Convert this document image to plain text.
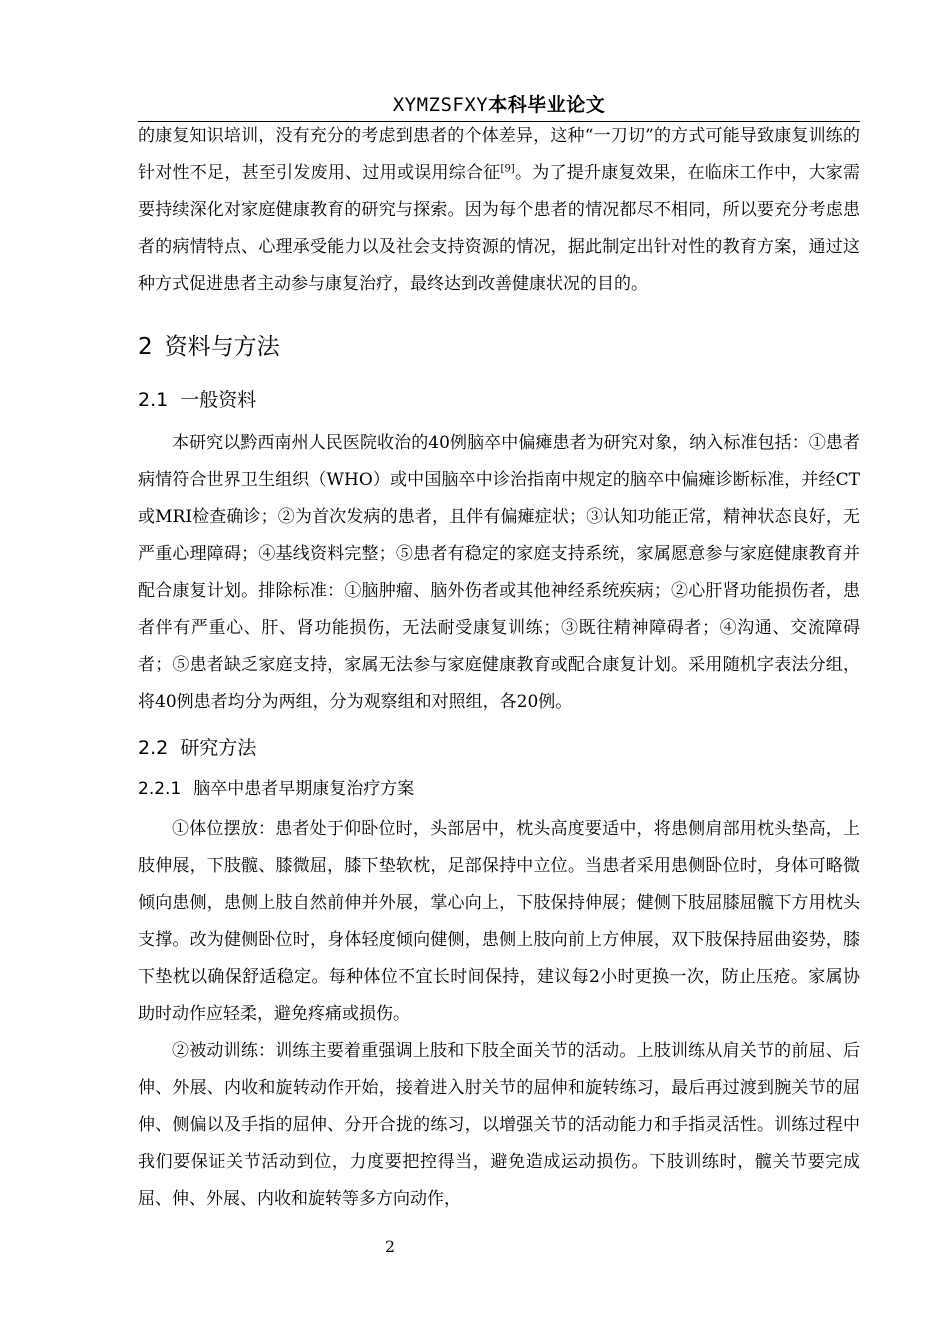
XYMZSFXY本科毕业论文

的康复知识培训，没有充分的考虑到患者的个体差异，这种“一刀切”的方式可能导致康复训练的针对性不足，甚至引发废用、过用或误用综合征[9]。为了提升康复效果，在临床工作中，大家需要持续深化对家庭健康教育的研究与探索。因为每个患者的情况都尽不相同，所以要充分考虑患者的病情特点、心理承受能力以及社会支持资源的情况，据此制定出针对性的教育方案，通过这种方式促进患者主动参与康复治疗，最终达到改善健康状况的目的。

2 资料与方法
2.1 一般资料

本研究以黔西南州人民医院收治的40例脑卒中偏瘫患者为研究对象，纳入标准包括：①患者病情符合世界卫生组织（WHO）或中国脑卒中诊治指南中规定的脑卒中偏瘫诊断标准，并经CT或MRI检查确诊；②为首次发病的患者，且伴有偏瘫症状；③认知功能正常，精神状态良好，无严重心理障碍；④基线资料完整；⑤患者有稳定的家庭支持系统，家属愿意参与家庭健康教育并配合康复计划。排除标准：①脑肿瘤、脑外伤者或其他神经系统疾病；②心肝肾功能损伤者，患者伴有严重心、肝、肾功能损伤，无法耐受康复训练；③既往精神障碍者；④沟通、交流障碍者；⑤患者缺乏家庭支持，家属无法参与家庭健康教育或配合康复计划。采用随机字表法分组，将40例患者均分为两组，分为观察组和对照组，各20例。

2.2 研究方法
2.2.1 脑卒中患者早期康复治疗方案

①体位摆放：患者处于仰卧位时，头部居中，枕头高度要适中，将患侧肩部用枕头垫高，上肢伸展，下肢髋、膝微屈，膝下垫软枕，足部保持中立位。当患者采用患侧卧位时，身体可略微倾向患侧，患侧上肢自然前伸并外展，掌心向上，下肢保持伸展；健侧下肢屈膝屈髋下方用枕头支撑。改为健侧卧位时，身体轻度倾向健侧，患侧上肢向前上方伸展，双下肢保持屈曲姿势，膝下垫枕以确保舒适稳定。每种体位不宜长时间保持，建议每2小时更换一次，防止压疮。家属协助时动作应轻柔，避免疼痛或损伤。

②被动训练：训练主要着重强调上肢和下肢全面关节的活动。上肢训练从肩关节的前屈、后伸、外展、内收和旋转动作开始，接着进入肘关节的屈伸和旋转练习，最后再过渡到腕关节的屈伸、侧偏以及手指的屈伸、分开合拢的练习，以增强关节的活动能力和手指灵活性。训练过程中我们要保证关节活动到位，力度要把控得当，避免造成运动损伤。下肢训练时，髋关节要完成屈、伸、外展、内收和旋转等多方向动作，

2
